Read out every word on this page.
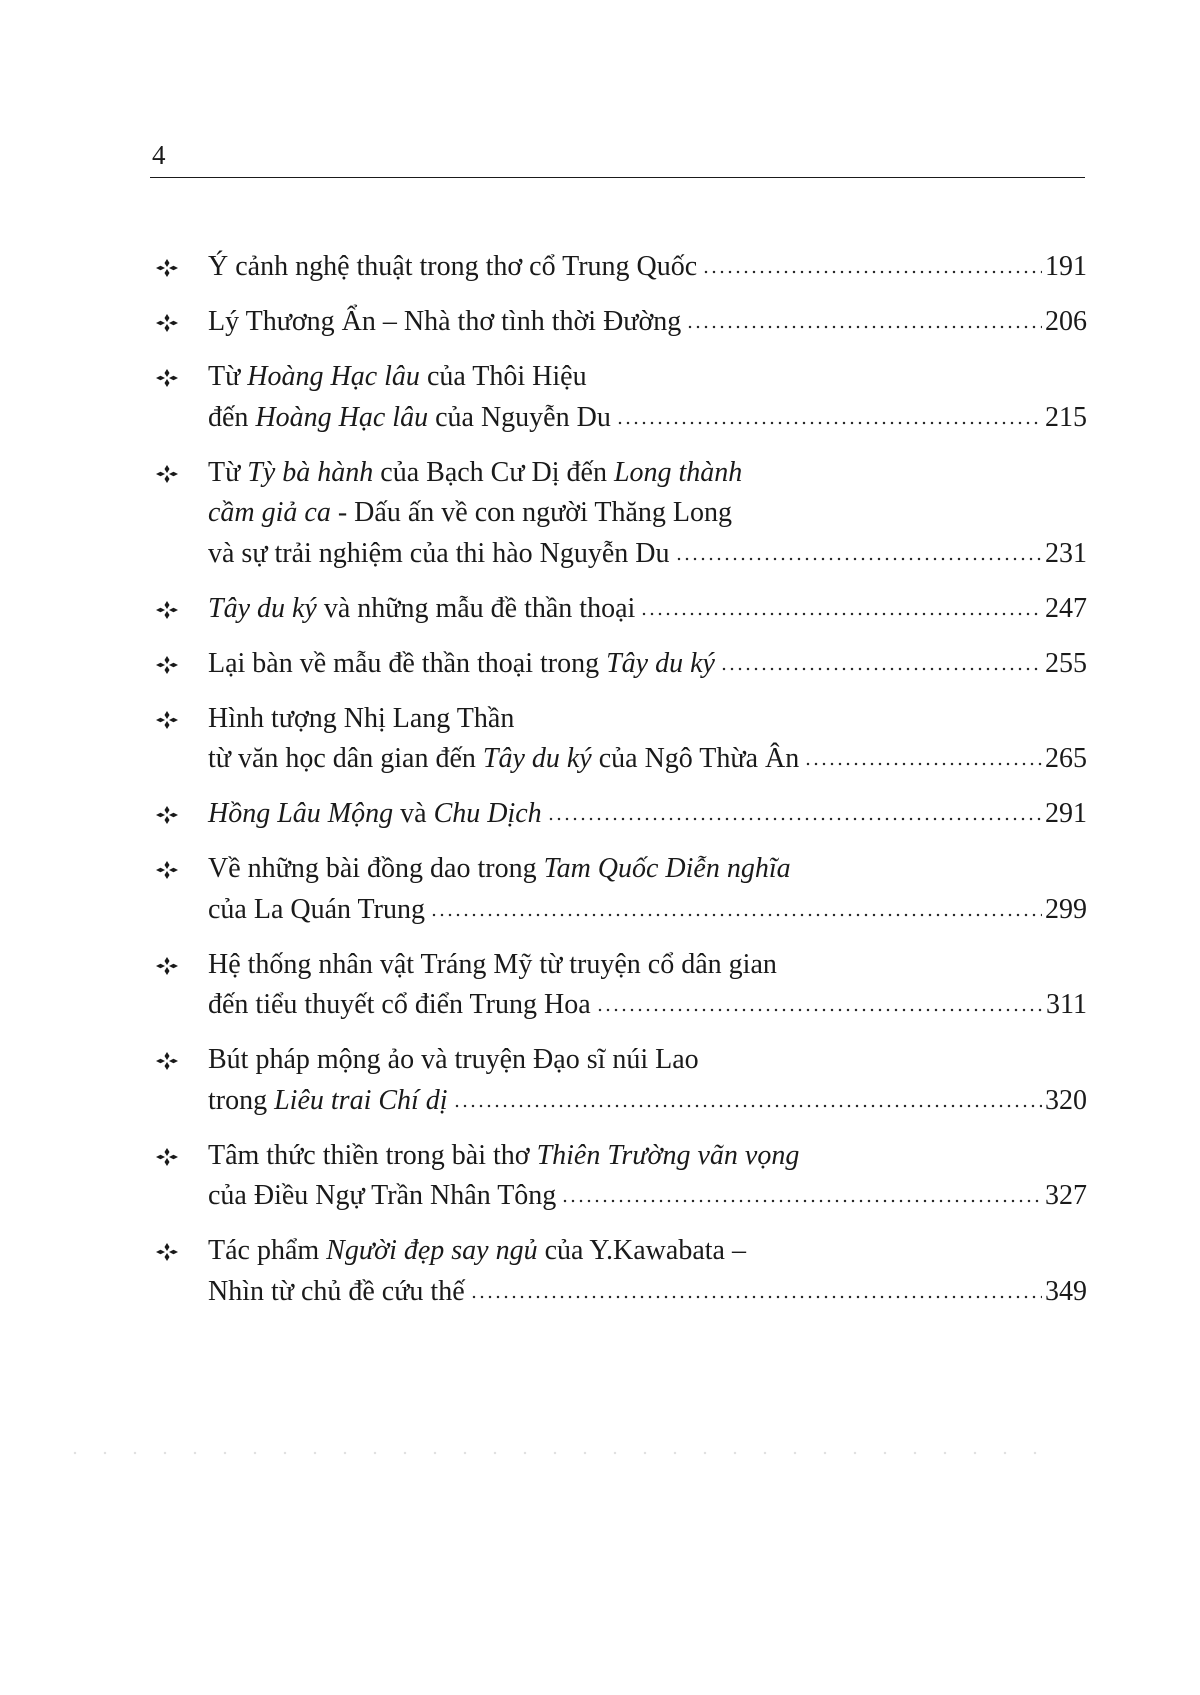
4
Ý cảnh nghệ thuật trong thơ cổ Trung Quốc	191
Lý Thương Ẩn – Nhà thơ tình thời Đường	206
Từ Hoàng Hạc lâu của Thôi Hiệu
đến Hoàng Hạc lâu của Nguyễn Du	215
Từ Tỳ bà hành của Bạch Cư Dị đến Long thành
cầm giả ca - Dấu ấn về con người Thăng Long
và sự trải nghiệm của thi hào Nguyễn Du	231
Tây du ký và những mẫu đề thần thoại	247
Lại bàn về mẫu đề thần thoại trong Tây du ký	255
Hình tượng Nhị Lang Thần
từ văn học dân gian đến Tây du ký của Ngô Thừa Ân	265
Hồng Lâu Mộng và Chu Dịch	291
Về những bài đồng dao trong Tam Quốc Diễn nghĩa
của La Quán Trung	299
Hệ thống nhân vật Tráng Mỹ từ truyện cổ dân gian
đến tiểu thuyết cổ điển Trung Hoa	311
Bút pháp mộng ảo và truyện Đạo sĩ núi Lao
trong Liêu trai Chí dị	320
Tâm thức thiền trong bài thơ Thiên Trường vãn vọng
của Điều Ngự Trần Nhân Tông	327
Tác phẩm Người đẹp say ngủ của Y.Kawabata –
Nhìn từ chủ đề cứu thế	349
